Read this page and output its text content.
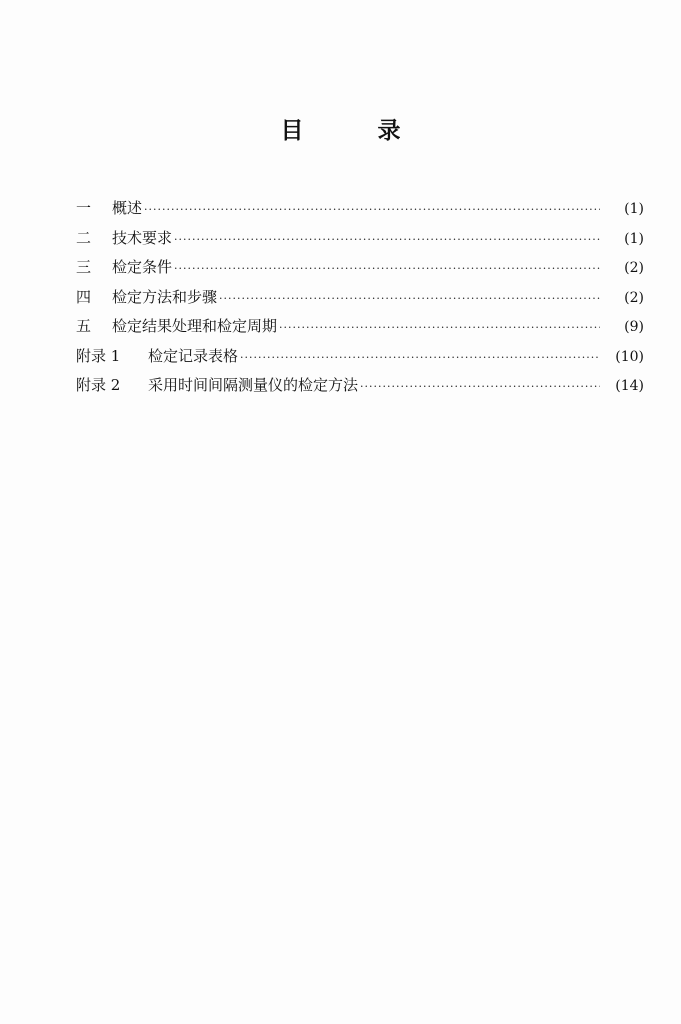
目	录
一	概述 ·····	(1)
二	技术要求 ·····	(1)
三	检定条件 ·····	(2)
四	检定方法和步骤 ·····	(2)
五	检定结果处理和检定周期 ·····	(9)
附录 1	检定记录表格 ·····	(10)
附录 2	采用时间间隔测量仪的检定方法 ·····	(14)
